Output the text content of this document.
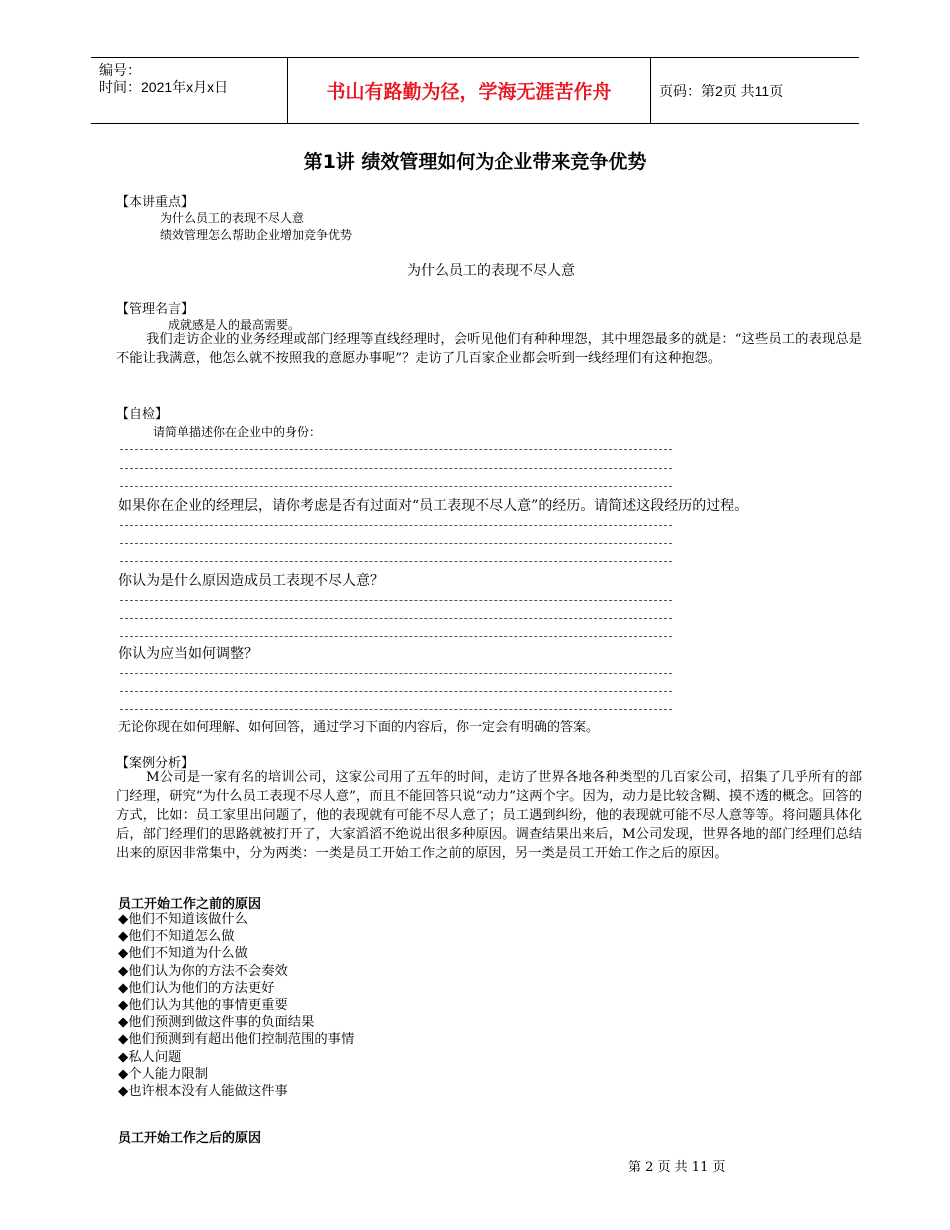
编号：
时间：2021年x月x日	书山有路勤为径，学海无涯苦作舟	页码：第2页 共11页
第1讲 绩效管理如何为企业带来竞争优势
【本讲重点】
为什么员工的表现不尽人意
绩效管理怎么帮助企业增加竞争优势
为什么员工的表现不尽人意
【管理名言】
成就感是人的最高需要。
我们走访企业的业务经理或部门经理等直线经理时，会听见他们有种种埋怨，其中埋怨最多的就是：“这些员工的表现总是不能让我满意，他怎么就不按照我的意愿办事呢”？走访了几百家企业都会听到一线经理们有这种抱怨。
【自检】
请简单描述你在企业中的身份：
如果你在企业的经理层，请你考虑是否有过面对“员工表现不尽人意”的经历。请简述这段经历的过程。
你认为是什么原因造成员工表现不尽人意？
你认为应当如何调整？
无论你现在如何理解、如何回答，通过学习下面的内容后，你一定会有明确的答案。
【案例分析】
M公司是一家有名的培训公司，这家公司用了五年的时间，走访了世界各地各种类型的几百家公司，招集了几乎所有的部门经理，研究“为什么员工表现不尽人意”，而且不能回答只说“动力”这两个字。因为，动力是比较含糊、摸不透的概念。回答的方式，比如：员工家里出问题了，他的表现就有可能不尽人意了；员工遇到纠纷，他的表现就可能不尽人意等等。将问题具体化后，部门经理们的思路就被打开了，大家滔滔不绝说出很多种原因。调查结果出来后，M公司发现，世界各地的部门经理们总结出来的原因非常集中，分为两类：一类是员工开始工作之前的原因，另一类是员工开始工作之后的原因。
员工开始工作之前的原因
◆他们不知道该做什么
◆他们不知道怎么做
◆他们不知道为什么做
◆他们认为你的方法不会奏效
◆他们认为他们的方法更好
◆他们认为其他的事情更重要
◆他们预测到做这件事的负面结果
◆他们预测到有超出他们控制范围的事情
◆私人问题
◆个人能力限制
◆也许根本没有人能做这件事
员工开始工作之后的原因
第 2 页 共 11 页
